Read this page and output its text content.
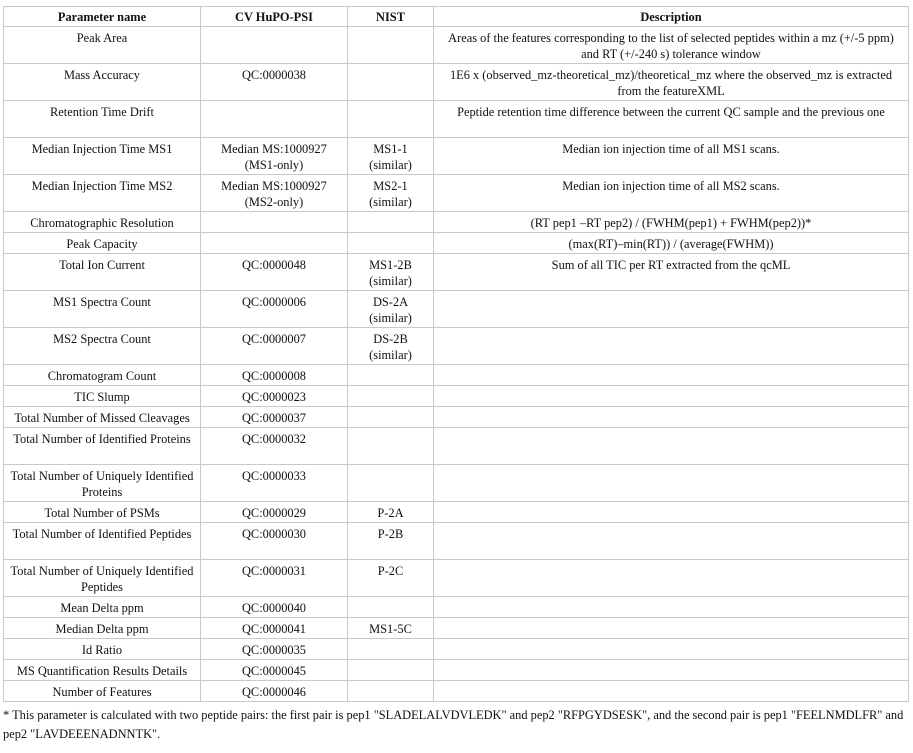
Parameter name	CV HuPO-PSI	NIST	Description
Peak Area			Areas of the features corresponding to the list of selected peptides within a mz (+/-5 ppm) and RT (+/-240 s) tolerance window
Mass Accuracy	QC:0000038		1E6 x (observed_mz-theoretical_mz)/theoretical_mz where the observed_mz is extracted from the featureXML
Retention Time Drift			Peptide retention time difference between the current QC sample and the previous one
Median Injection Time MS1	Median MS:1000927 (MS1-only)	MS1-1 (similar)	Median ion injection time of all MS1 scans.
Median Injection Time MS2	Median MS:1000927 (MS2-only)	MS2-1 (similar)	Median ion injection time of all MS2 scans.
Chromatographic Resolution			(RT pep1 –RT pep2) / (FWHM(pep1) + FWHM(pep2))*
Peak Capacity			(max(RT)–min(RT)) / (average(FWHM))
Total Ion Current	QC:0000048	MS1-2B (similar)	Sum of all TIC per RT extracted from the qcML
MS1 Spectra Count	QC:0000006	DS-2A (similar)	
MS2 Spectra Count	QC:0000007	DS-2B (similar)	
Chromatogram Count	QC:0000008		
TIC Slump	QC:0000023		
Total Number of Missed Cleavages	QC:0000037		
Total Number of Identified Proteins	QC:0000032		
Total Number of Uniquely Identified Proteins	QC:0000033		
Total Number of PSMs	QC:0000029	P-2A	
Total Number of Identified Peptides	QC:0000030	P-2B	
Total Number of Uniquely Identified Peptides	QC:0000031	P-2C	
Mean Delta ppm	QC:0000040		
Median Delta ppm	QC:0000041	MS1-5C	
Id Ratio	QC:0000035		
MS Quantification Results Details	QC:0000045		
Number of Features	QC:0000046		
* This parameter is calculated with two peptide pairs: the first pair is pep1 "SLADELALVDVLEDK" and pep2 "RFPGYDSESK", and the second pair is pep1 "FEELNMDLFR" and pep2 "LAVDEEENADNNTK".
